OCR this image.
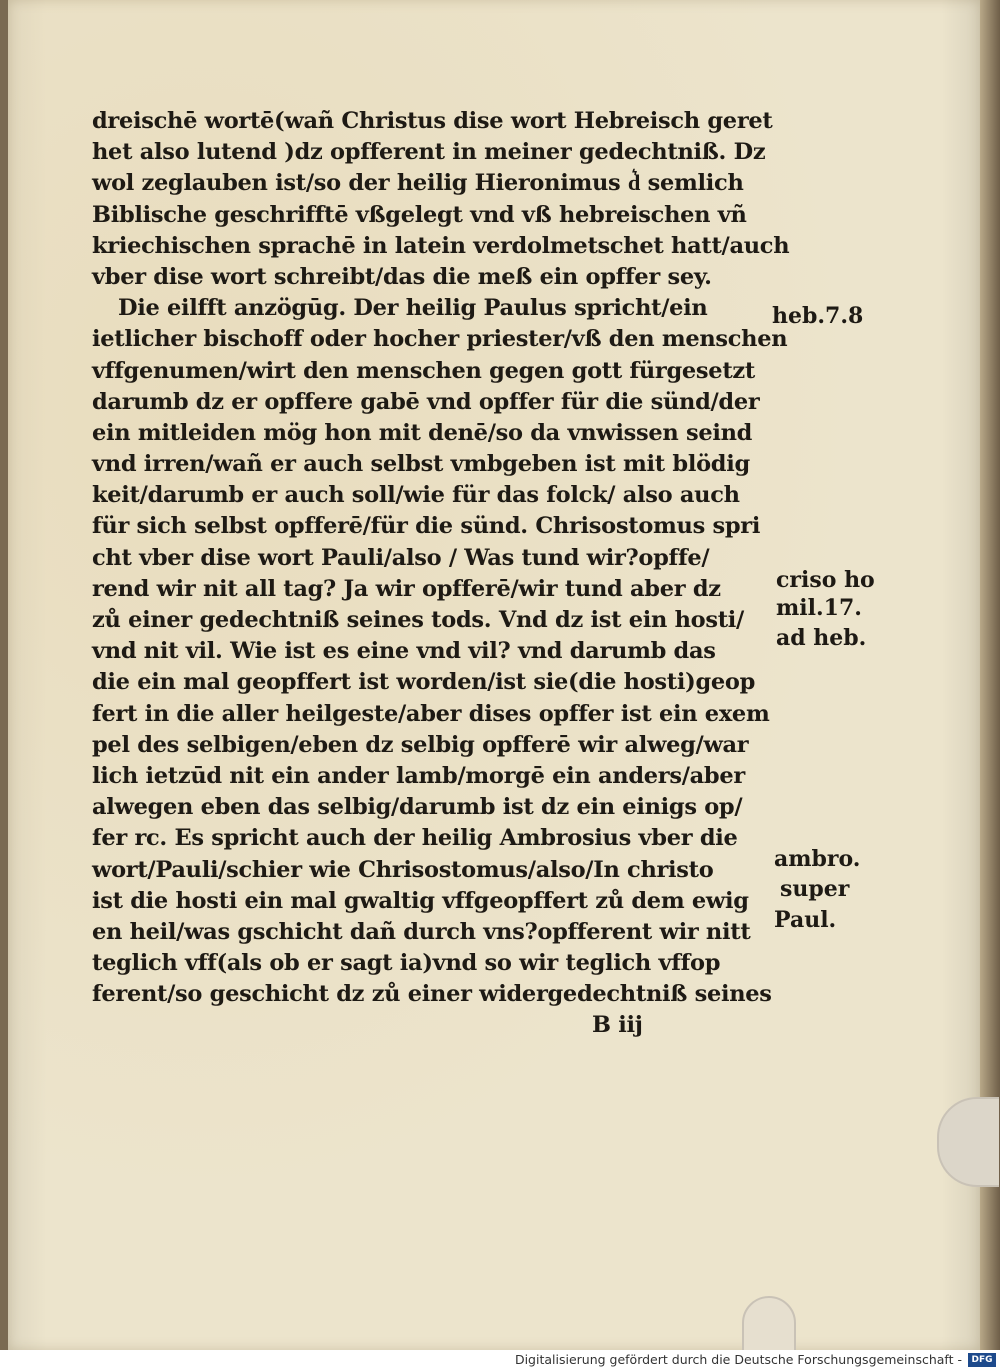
dreischē wortē(wañ Christus dise wort Hebreisch geret
het also lutend )dz opfferent in meiner gedechtniß. Dz
wol zeglauben ist/so der heilig Hieronimus d͛ semlich
Biblische geschrifftē vßgelegt vnd vß hebreischen vñ
kriechischen sprachē in latein verdolmetschet hatt/auch
vber dise wort schreibt/das die meß ein opffer sey.
Die eilfft anzögūg. Der heilig Paulus spricht/ein
ietlicher bischoff oder hocher priester/vß den menschen
vffgenumen/wirt den menschen gegen gott fürgesetzt
darumb dz er opffere gabē vnd opffer für die sünd/der
ein mitleiden mög hon mit denē/so da vnwissen seind
vnd irren/wañ er auch selbst vmbgeben ist mit blödig
keit/darumb er auch soll/wie für das folck/ also auch
für sich selbst opfferē/für die sünd. Chrisostomus spri
cht vber dise wort Pauli/also / Was tund wir?opffe/
rend wir nit all tag? Ja wir opfferē/wir tund aber dz
zů einer gedechtniß seines tods. Vnd dz ist ein hosti/
vnd nit vil. Wie ist es eine vnd vil? vnd darumb das
die ein mal geopffert ist worden/ist sie(die hosti)geop
fert in die aller heilgeste/aber dises opffer ist ein exem
pel des selbigen/eben dz selbig opfferē wir alweg/war
lich ietzūd nit ein ander lamb/morgē ein anders/aber
alwegen eben das selbig/darumb ist dz ein einigs op/
fer rc. Es spricht auch der heilig Ambrosius vber die
wort/Pauli/schier wie Chrisostomus/also/In christo
ist die hosti ein mal gwaltig vffgeopffert zů dem ewig
en heil/was gschicht dañ durch vns?opfferent wir nitt
teglich vff(als ob er sagt ia)vnd so wir teglich vffop
ferent/so geschicht dz zů einer widergedechtniß seines
B iij
heb.7.8
criso ho
mil.17.
ad heb.
ambro.
super
Paul.
Digitalisierung gefördert durch die Deutsche Forschungsgemeinschaft -	DFG
